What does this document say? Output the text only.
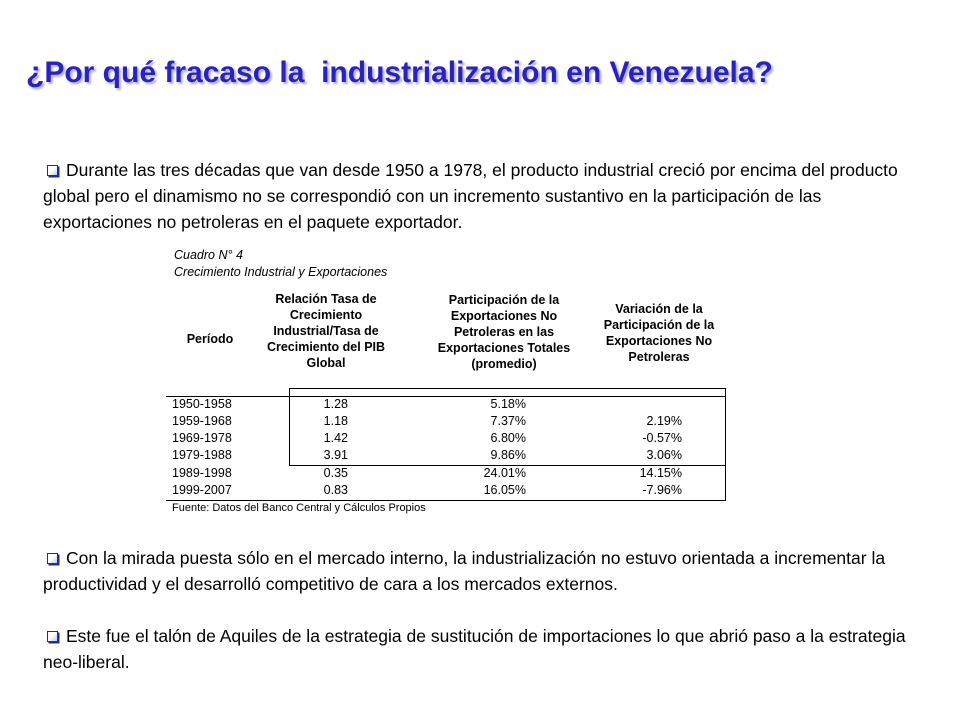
¿Por qué fracaso la  industrialización en Venezuela?

Durante las tres décadas que van desde 1950 a 1978, el producto industrial creció por encima del producto global pero el dinamismo no se correspondió con un incremento sustantivo en la participación de las exportaciones no petroleras en el paquete exportador.

Cuadro N° 4

Crecimiento Industrial y Exportaciones

Período

Relación Tasa de
Crecimiento
Industrial/Tasa de
Crecimiento del PIB
Global

Participación de la
Exportaciones No
Petroleras en las
Exportaciones Totales
(promedio)

Variación de la
Participación de la
Exportaciones No
Petroleras

1950-1958	1.28	5.18%
1959-1968	1.18	7.37%	2.19%
1969-1978	1.42	6.80%	-0.57%
1979-1988	3.91	9.86%	3.06%
1989-1998	0.35	24.01%	14.15%
1999-2007	0.83	16.05%	-7.96%

Fuente: Datos del Banco Central y Cálculos Propios

Con la mirada puesta sólo en el mercado interno, la industrialización no estuvo orientada a incrementar la productividad y el desarrolló competitivo de cara a los mercados externos.

Este fue el talón de Aquiles de la estrategia de sustitución de importaciones lo que abrió paso a la estrategia neo-liberal.
